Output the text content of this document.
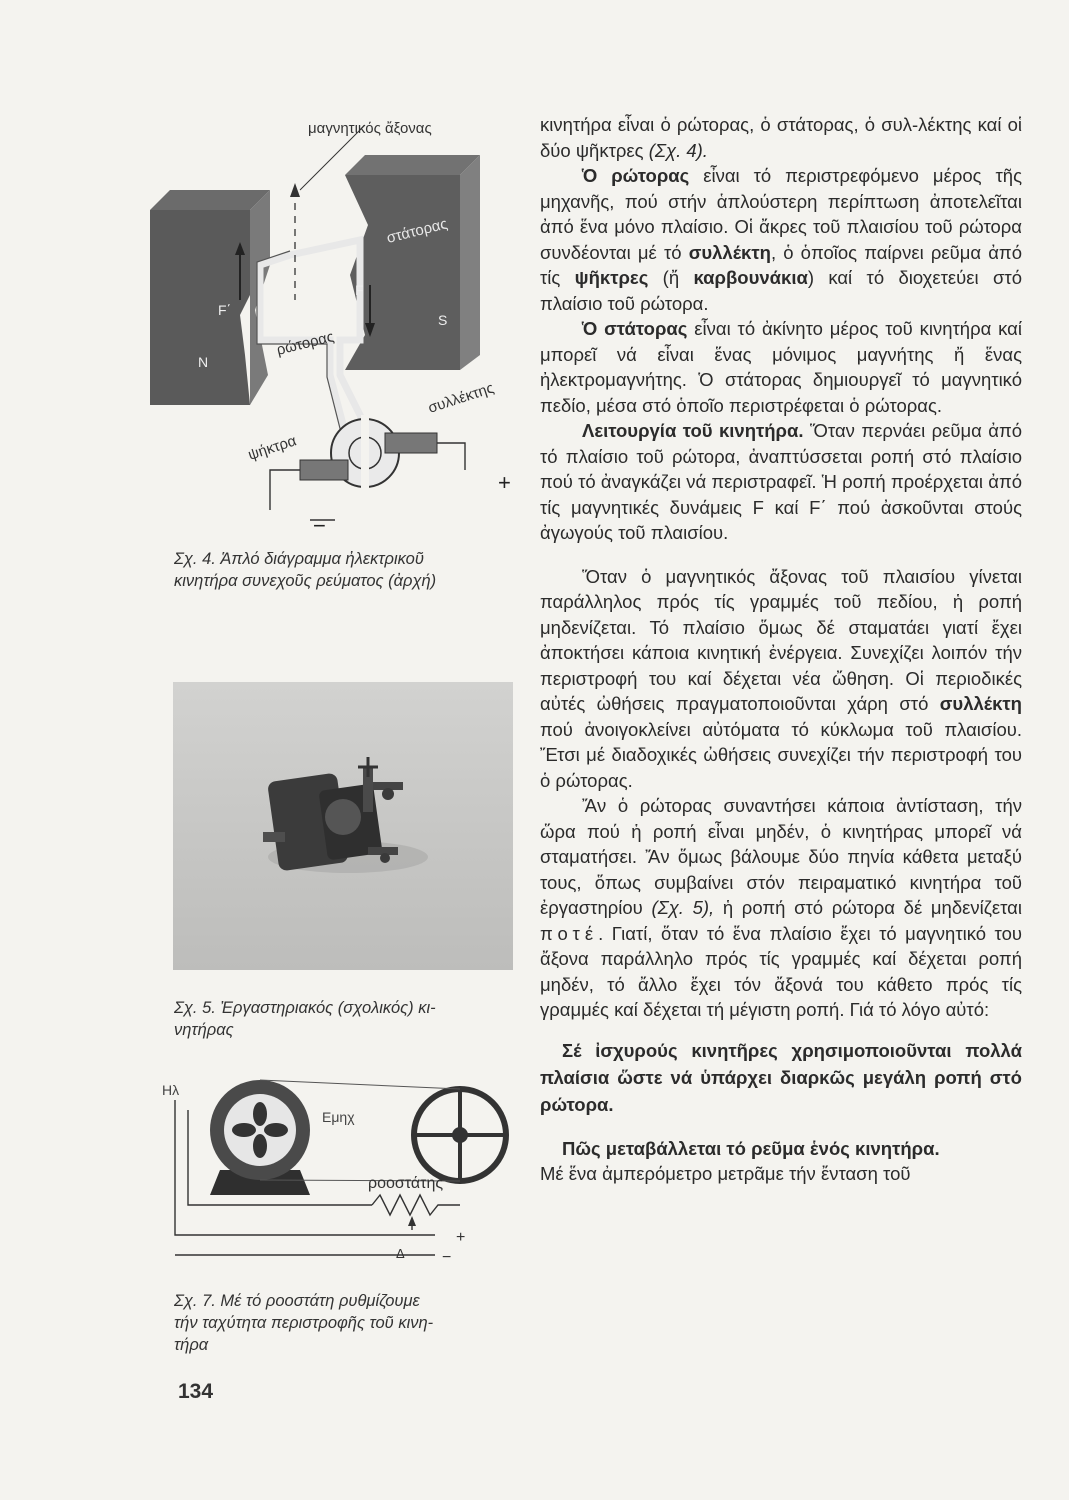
μαγνητικός ἄξονας
στάτορας
ρώτορας
συλλέκτης
ψήκτρα
N
S
F
F΄
+
−
Σχ. 4. Ἁπλό διάγραμμα ἠλεκτρικοῦ
κινητήρα συνεχοῦς ρεύματος (ἀρχή)
Σχ. 5. Ἐργαστηριακός (σχολικός) κι-
νητήρας
Ηλ
Εμηχ
ροοστάτης
Δ
+
−
Σχ. 7. Μέ τό ροοστάτη ρυθμίζουμε
τήν ταχύτητα περιστροφῆς τοῦ κινη-
τήρα
134

κινητήρα εἶναι ὁ ρώτορας, ὁ στάτορας, ὁ συλ-λέκτης καί οἱ δύο ψῆκτρες (Σχ. 4).

Ὁ ρώτορας εἶναι τό περιστρεφόμενο μέρος τῆς μηχανῆς, πού στήν ἁπλούστερη περίπτωση ἀποτελεῖται ἀπό ἕνα μόνο πλαίσιο. Οἱ ἄκρες τοῦ πλαισίου τοῦ ρώτορα συνδέονται μέ τό συλλέκτη, ὁ ὁποῖος παίρνει ρεῦμα ἀπό τίς ψῆκτρες (ἤ καρβουνάκια) καί τό διοχετεύει στό πλαίσιο τοῦ ρώτορα.

Ὁ στάτορας εἶναι τό ἀκίνητο μέρος τοῦ κινητήρα καί μπορεῖ νά εἶναι ἕνας μόνιμος μαγνήτης ἤ ἕνας ἠλεκτρομαγνήτης. Ὁ στάτορας δημιουργεῖ τό μαγνητικό πεδίο, μέσα στό ὁποῖο περιστρέφεται ὁ ρώτορας.

Λειτουργία τοῦ κινητήρα. Ὅταν περνάει ρεῦμα ἀπό τό πλαίσιο τοῦ ρώτορα, ἀναπτύσσεται ροπή στό πλαίσιο πού τό ἀναγκάζει νά περιστραφεῖ. Ἡ ροπή προέρχεται ἀπό τίς μαγνητικές δυνάμεις F καί F΄ πού ἀσκοῦνται στούς ἀγωγούς τοῦ πλαισίου.

Ὅταν ὁ μαγνητικός ἄξονας τοῦ πλαισίου γίνεται παράλληλος πρός τίς γραμμές τοῦ πεδίου, ἡ ροπή μηδενίζεται. Τό πλαίσιο ὅμως δέ σταματάει γιατί ἔχει ἀποκτήσει κάποια κινητική ἐνέργεια. Συνεχίζει λοιπόν τήν περιστροφή του καί δέχεται νέα ὤθηση. Οἱ περιοδικές αὐτές ὠθήσεις πραγματοποιοῦνται χάρη στό συλλέκτη πού ἀνοιγοκλείνει αὐτόματα τό κύκλωμα τοῦ πλαισίου. Ἔτσι μέ διαδοχικές ὠθήσεις συνεχίζει τήν περιστροφή του ὁ ρώτορας.

Ἄν ὁ ρώτορας συναντήσει κάποια ἀντίσταση, τήν ὥρα πού ἡ ροπή εἶναι μηδέν, ὁ κινητήρας μπορεῖ νά σταματήσει. Ἄν ὅμως βάλουμε δύο πηνία κάθετα μεταξύ τους, ὅπως συμβαίνει στόν πειραματικό κινητήρα τοῦ ἐργαστηρίου (Σχ. 5), ἡ ροπή στό ρώτορα δέ μηδενίζεται ποτέ. Γιατί, ὅταν τό ἕνα πλαίσιο ἔχει τό μαγνητικό του ἄξονα παράλληλο πρός τίς γραμμές καί δέχεται ροπή μηδέν, τό ἄλλο ἔχει τόν ἄξονά του κάθετο πρός τίς γραμμές καί δέχεται τή μέγιστη ροπή. Γιά τό λόγο αὐτό:

Σέ ἰσχυρούς κινητῆρες χρησιμοποιοῦνται πολλά πλαίσια ὥστε νά ὑπάρχει διαρκῶς μεγάλη ροπή στό ρώτορα.

Πῶς μεταβάλλεται τό ρεῦμα ἑνός κινητήρα.

Μέ ἕνα ἀμπερόμετρο μετρᾶμε τήν ἔνταση τοῦ
